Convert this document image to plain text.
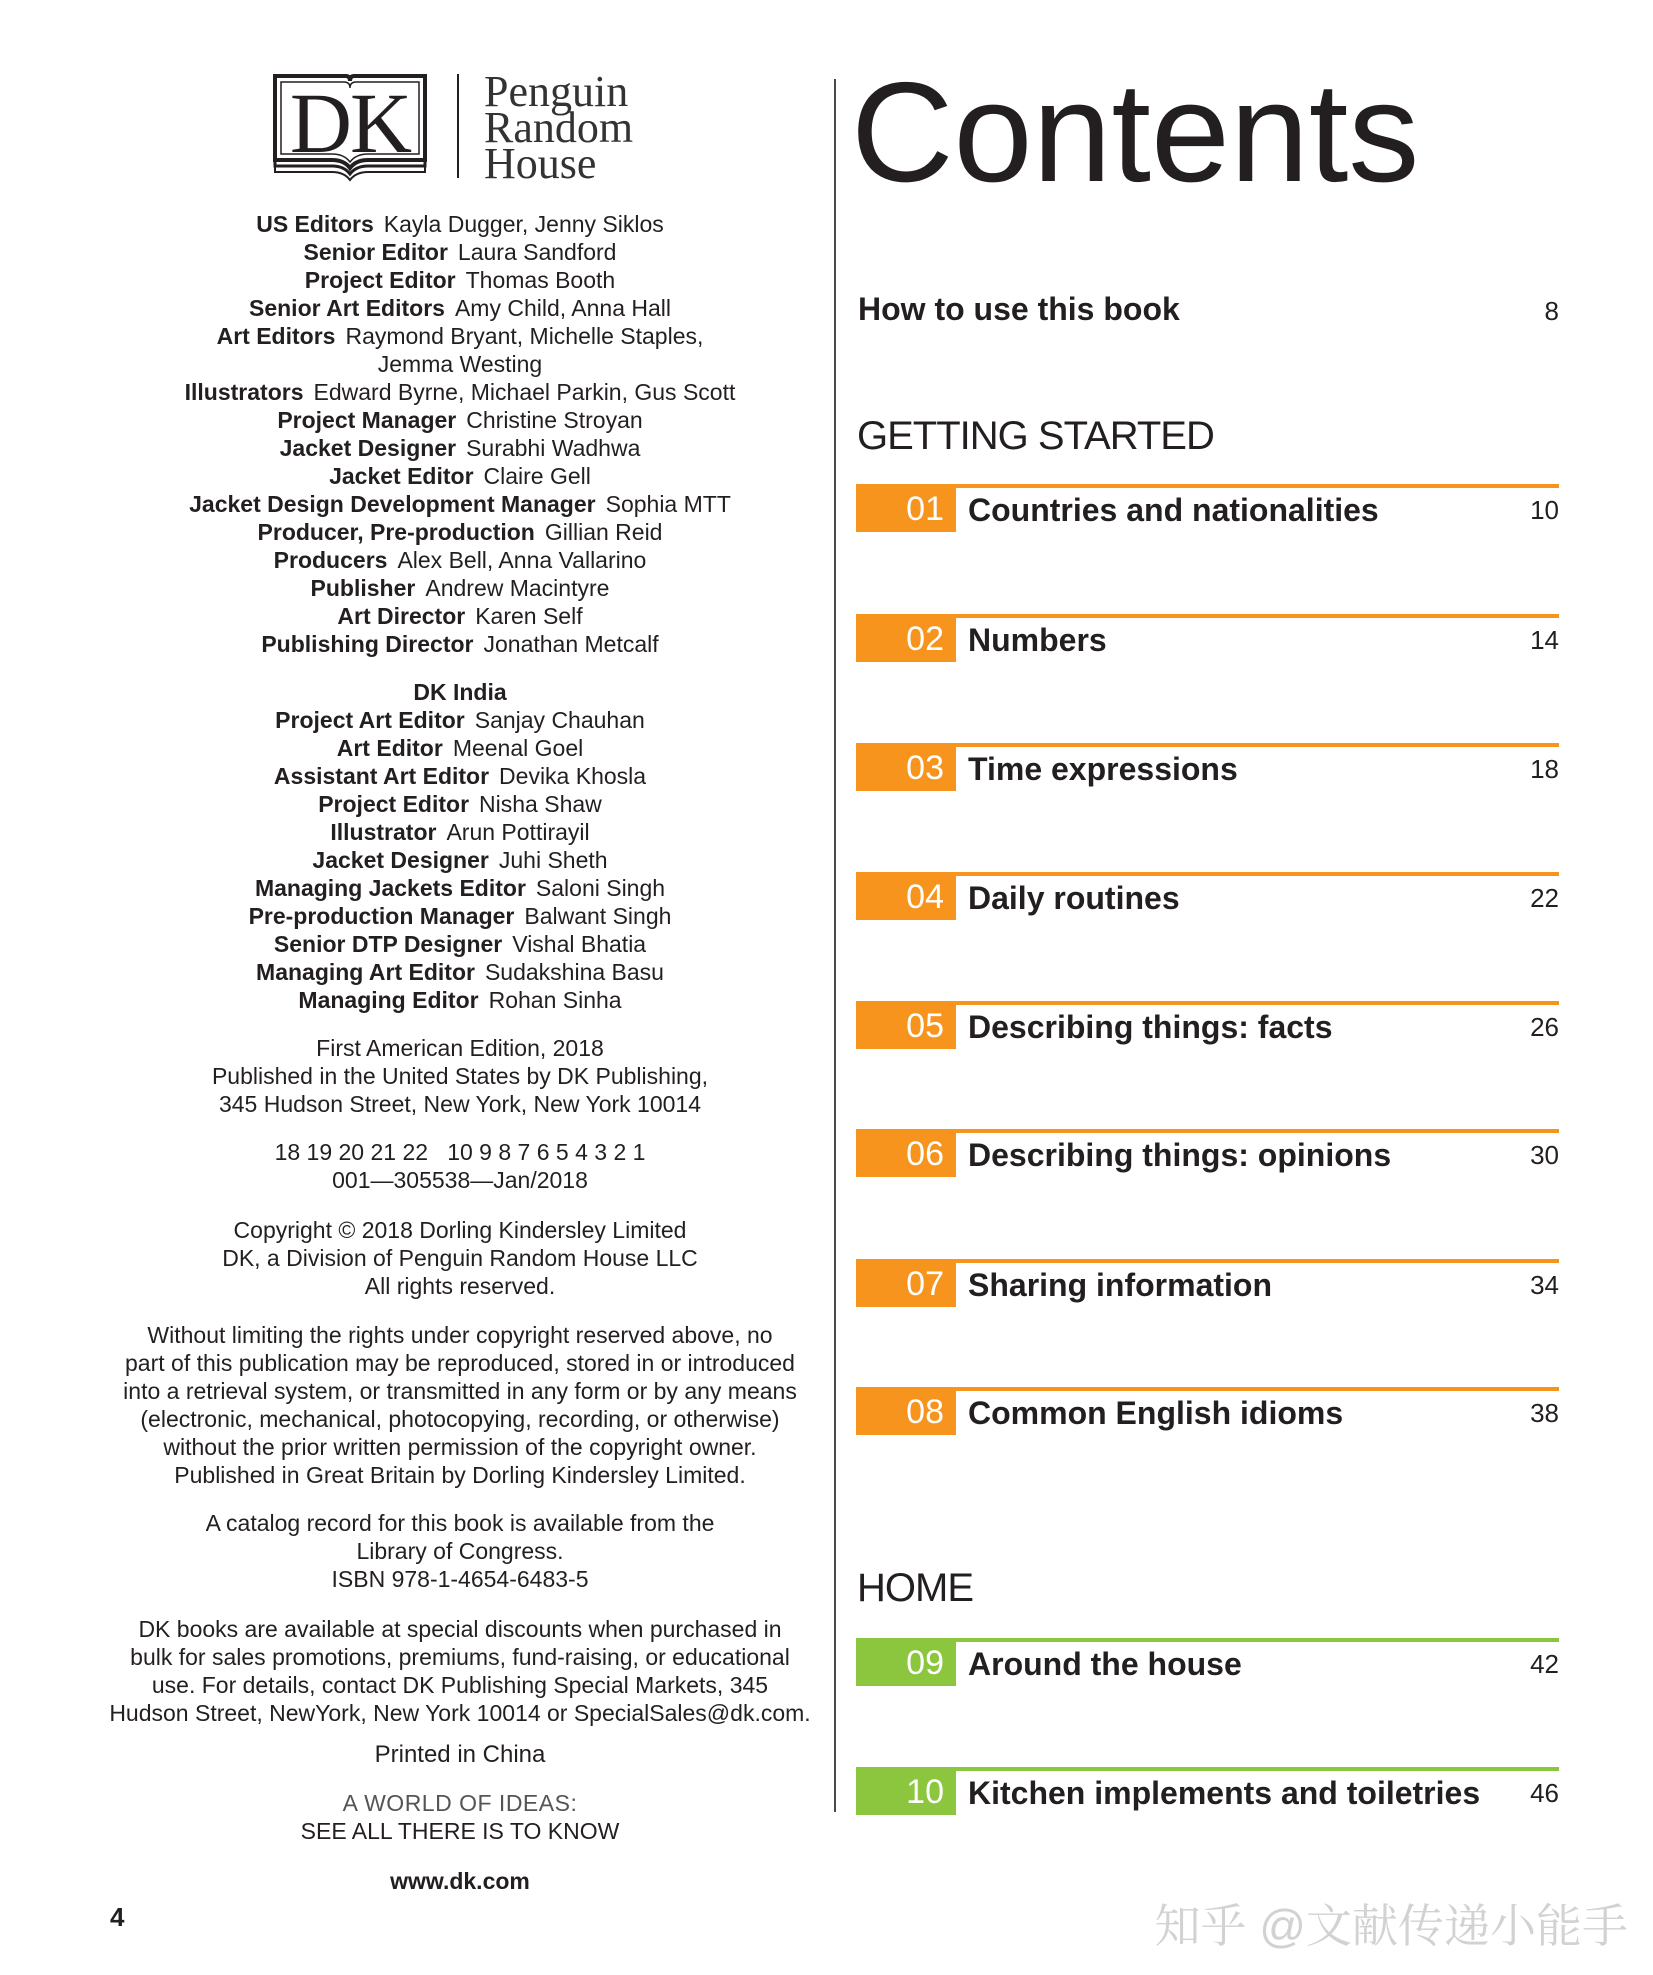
DK Penguin
Random
House
US Editors Kayla Dugger, Jenny Siklos
Senior Editor Laura Sandford
Project Editor Thomas Booth
Senior Art Editors Amy Child, Anna Hall
Art Editors Raymond Bryant, Michelle Staples,
Jemma Westing
Illustrators Edward Byrne, Michael Parkin, Gus Scott
Project Manager Christine Stroyan
Jacket Designer Surabhi Wadhwa
Jacket Editor Claire Gell
Jacket Design Development Manager Sophia MTT
Producer, Pre-production Gillian Reid
Producers Alex Bell, Anna Vallarino
Publisher Andrew Macintyre
Art Director Karen Self
Publishing Director Jonathan Metcalf
DK India
Project Art Editor Sanjay Chauhan
Art Editor Meenal Goel
Assistant Art Editor Devika Khosla
Project Editor Nisha Shaw
Illustrator Arun Pottirayil
Jacket Designer Juhi Sheth
Managing Jackets Editor Saloni Singh
Pre-production Manager Balwant Singh
Senior DTP Designer Vishal Bhatia
Managing Art Editor Sudakshina Basu
Managing Editor Rohan Sinha
First American Edition, 2018
Published in the United States by DK Publishing,
345 Hudson Street, New York, New York 10014
18 19 20 21 22   10 9 8 7 6 5 4 3 2 1
001—305538—Jan/2018
Copyright © 2018 Dorling Kindersley Limited
DK, a Division of Penguin Random House LLC
All rights reserved.
Without limiting the rights under copyright reserved above, no
part of this publication may be reproduced, stored in or introduced
into a retrieval system, or transmitted in any form or by any means
(electronic, mechanical, photocopying, recording, or otherwise)
without the prior written permission of the copyright owner.
Published in Great Britain by Dorling Kindersley Limited.
A catalog record for this book is available from the
Library of Congress.
ISBN 978-1-4654-6483-5
DK books are available at special discounts when purchased in
bulk for sales promotions, premiums, fund-raising, or educational
use. For details, contact DK Publishing Special Markets, 345
Hudson Street, NewYork, New York 10014 or SpecialSales@dk.com.
Printed in China
A WORLD OF IDEAS:
SEE ALL THERE IS TO KNOW
www.dk.com
4
Contents
How to use this book	8
GETTING STARTED
01 Countries and nationalities	10
02 Numbers	14
03 Time expressions	18
04 Daily routines	22
05 Describing things: facts	26
06 Describing things: opinions	30
07 Sharing information	34
08 Common English idioms	38
HOME
09 Around the house	42
10 Kitchen implements and toiletries 46
知乎 @文献传递小能手
